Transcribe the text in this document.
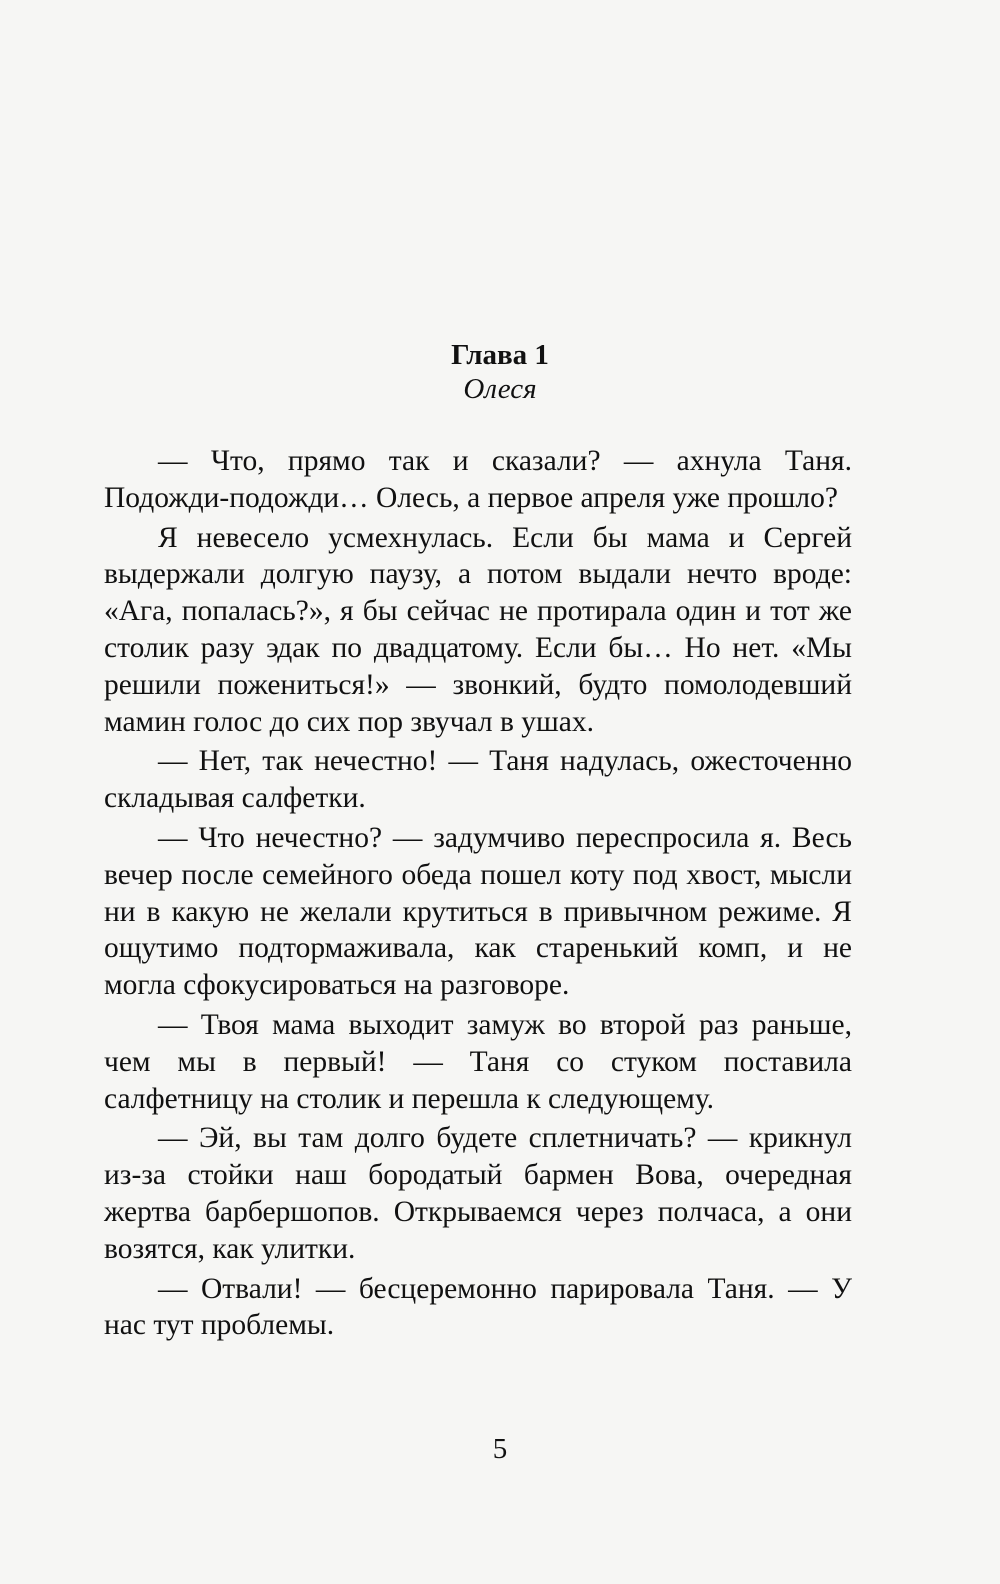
Глава 1
Олеся

— Что, прямо так и сказали? — ахнула Таня. Подожди-подожди… Олесь, а первое апреля уже прошло?

Я невесело усмехнулась. Если бы мама и Сергей выдержали долгую паузу, а потом выдали нечто вроде: «Ага, попалась?», я бы сейчас не протирала один и тот же столик разу эдак по двадцатому. Если бы… Но нет. «Мы решили пожениться!» — звонкий, будто помолодевший мамин голос до сих пор звучал в ушах.

— Нет, так нечестно! — Таня надулась, ожесточенно складывая салфетки.

— Что нечестно? — задумчиво переспросила я. Весь вечер после семейного обеда пошел коту под хвост, мысли ни в какую не желали крутиться в привычном режиме. Я ощутимо подтормаживала, как старенький комп, и не могла сфокусироваться на разговоре.

— Твоя мама выходит замуж во второй раз раньше, чем мы в первый! — Таня со стуком поставила салфетницу на столик и перешла к следующему.

— Эй, вы там долго будете сплетничать? — крикнул из-за стойки наш бородатый бармен Вова, очередная жертва барбершопов. Открываемся через полчаса, а они возятся, как улитки.

— Отвали! — бесцеремонно парировала Таня. — У нас тут проблемы.

5
